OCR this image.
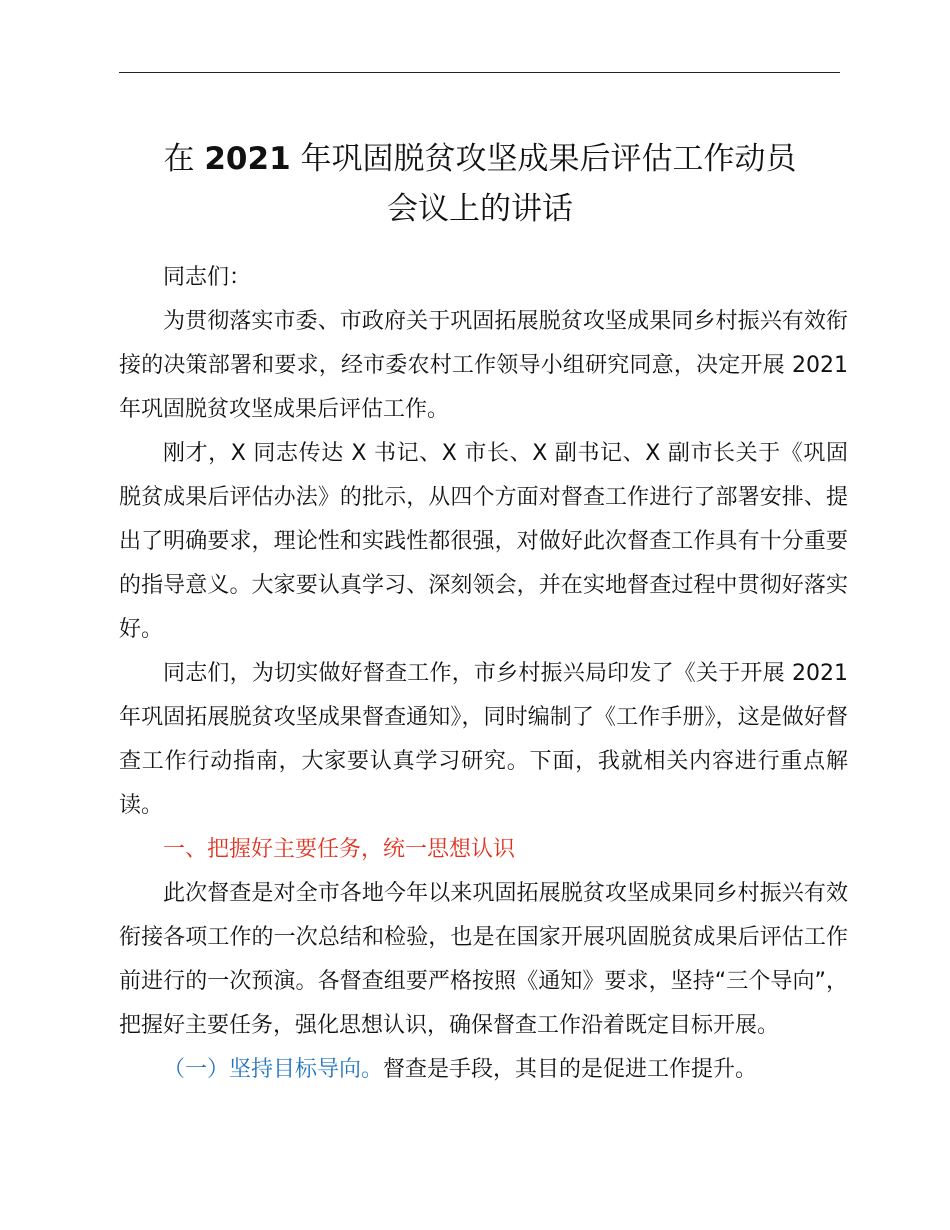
在 2021 年巩固脱贫攻坚成果后评估工作动员
会议上的讲话

同志们：

为贯彻落实市委、市政府关于巩固拓展脱贫攻坚成果同乡村振兴有效衔接的决策部署和要求，经市委农村工作领导小组研究同意，决定开展 2021 年巩固脱贫攻坚成果后评估工作。

刚才，X 同志传达 X 书记、X 市长、X 副书记、X 副市长关于《巩固脱贫成果后评估办法》的批示，从四个方面对督查工作进行了部署安排、提出了明确要求，理论性和实践性都很强，对做好此次督查工作具有十分重要的指导意义。大家要认真学习、深刻领会，并在实地督查过程中贯彻好落实好。

同志们，为切实做好督查工作，市乡村振兴局印发了《关于开展 2021 年巩固拓展脱贫攻坚成果督查通知》，同时编制了《工作手册》，这是做好督查工作行动指南，大家要认真学习研究。下面，我就相关内容进行重点解读。

一、把握好主要任务，统一思想认识

此次督查是对全市各地今年以来巩固拓展脱贫攻坚成果同乡村振兴有效衔接各项工作的一次总结和检验，也是在国家开展巩固脱贫成果后评估工作前进行的一次预演。各督查组要严格按照《通知》要求，坚持“三个导向”，把握好主要任务，强化思想认识，确保督查工作沿着既定目标开展。

（一）坚持目标导向。督查是手段，其目的是促进工作提升。
